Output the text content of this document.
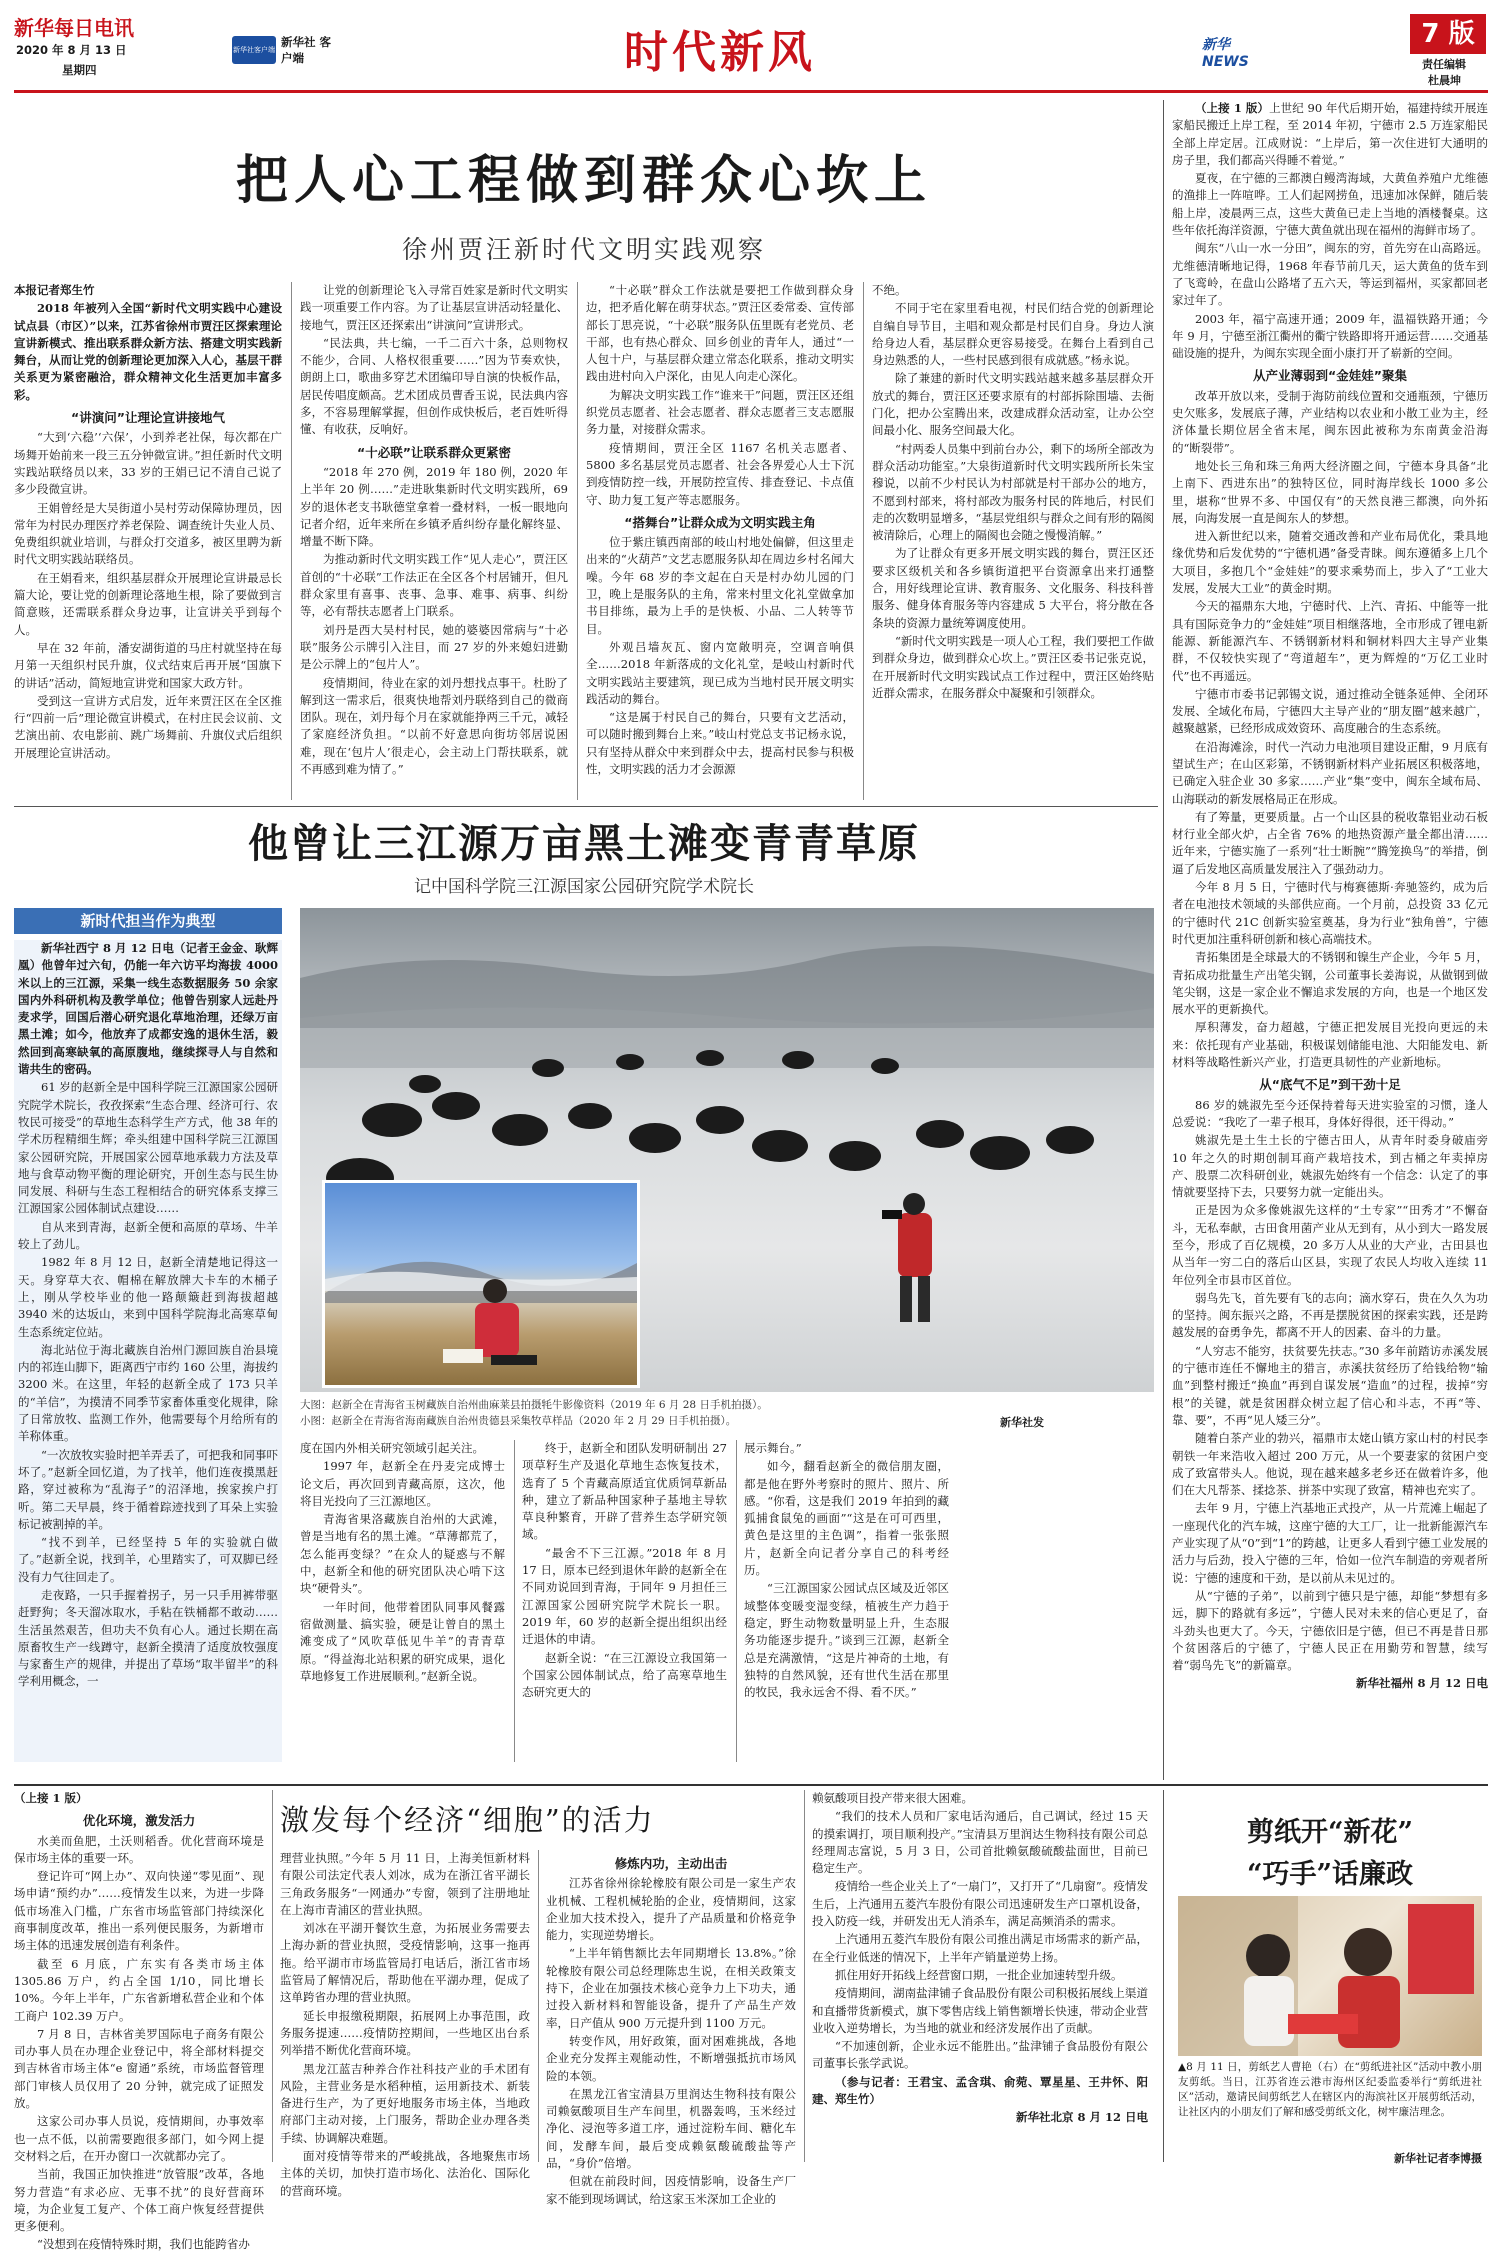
新华每日电讯
2020 年 8 月 13 日
星期四
新华社客户端
新华社 客户端	时代新风	新华 NEWS
7 版
责任编辑
杜晨坤
把人心工程做到群众心坎上
徐州贾汪新时代文明实践观察

本报记者郑生竹

2018 年被列入全国“新时代文明实践中心建设试点县（市区）”以来，江苏省徐州市贾汪区探索理论宣讲新模式、推出联系群众新方法、搭建文明实践新舞台，从而让党的创新理论更加深入人心，基层干群关系更为紧密融洽，群众精神文化生活更加丰富多彩。

“讲演问”让理论宣讲接地气

“大到‘六稳’‘六保’，小到养老社保，每次都在广场舞开始前来一段三五分钟微宣讲。”担任新时代文明实践站联络员以来，33 岁的王娟已记不清自己说了多少段微宣讲。

王娟曾经是大吴街道小吴村劳动保障协理员，因常年为村民办理医疗养老保险、调查统计失业人员、免费组织就业培训，与群众打交道多，被区里聘为新时代文明实践站联络员。

在王娟看来，组织基层群众开展理论宣讲最忌长篇大论，要让党的创新理论落地生根，除了要做到言简意赅，还需联系群众身边事，让宣讲关乎到每个人。

早在 32 年前，潘安湖街道的马庄村就坚持在每月第一天组织村民升旗，仪式结束后再开展“国旗下的讲话”活动，简短地宣讲党和国家大政方针。

受到这一宣讲方式启发，近年来贾汪区在全区推行“四前一后”理论微宣讲模式，在村庄民会议前、文艺演出前、农电影前、跳广场舞前、升旗仪式后组织开展理论宣讲活动。

让党的创新理论飞入寻常百姓家是新时代文明实践一项重要工作内容。为了让基层宣讲活动轻量化、接地气，贾汪区还探索出“讲演问”宣讲形式。

“民法典，共七编，一千二百六十条，总则物权不能少，合同、人格权很重要……”因为节奏欢快，朗朗上口，歌曲多穿艺术团编印导自演的快板作品，居民传唱度颇高。艺术团成员曹香玉说，民法典内容多，不容易理解掌握，但创作成快板后，老百姓听得懂、有收获，反响好。

“十必联”让联系群众更紧密

“2018 年 270 例，2019 年 180 例，2020 年上半年 20 例……”走进耿集新时代文明实践所，69 岁的退休老支书耿德堂拿着一叠材料，一板一眼地向记者介绍，近年来所在乡镇矛盾纠纷存量化解终显、增量不断下降。

为推动新时代文明实践工作“见人走心”，贾汪区首创的“十必联”工作法正在全区各个村居铺开，但凡群众家里有喜事、丧事、急事、难事、病事、纠纷等，必有帮扶志愿者上门联系。

刘丹是西大吴村村民，她的婆婆因常病与“十必联”服务公示牌引入注目，而 27 岁的外来媳妇进勤是公示牌上的“包片人”。

疫情期间，待业在家的刘丹想找点事干。杜盼了解到这一需求后，很爽快地帮刘丹联络到自己的微商团队。现在，刘丹每个月在家就能挣两三千元，减轻了家庭经济负担。“以前不好意思向街坊邻居说困难，现在‘包片人’很走心，会主动上门帮扶联系，就不再感到难为情了。”

“十必联”群众工作法就是要把工作做到群众身边，把矛盾化解在萌芽状态。”贾汪区委常委、宣传部部长丁思亮说，“十必联”服务队伍里既有老党员、老干部，也有热心群众、回乡创业的青年人，通过“一人包十户，与基层群众建立常态化联系，推动文明实践由进村向入户深化，由见人向走心深化。

为解决文明实践工作“谁来干”问题，贾汪区还组织党员志愿者、社会志愿者、群众志愿者三支志愿服务力量，对接群众需求。

疫情期间，贾汪全区 1167 名机关志愿者、5800 多名基层党员志愿者、社会各界爱心人士下沉到疫情防控一线，开展防控宣传、排查登记、卡点值守、助力复工复产等志愿服务。

“搭舞台”让群众成为文明实践主角

位于紫庄镇西南部的岐山村地处偏僻，但这里走出来的“火葫芦”文艺志愿服务队却在周边乡村名闻大噪。今年 68 岁的李文起在白天是村办幼儿园的门卫，晚上是服务队的主角，常来村里文化礼堂做拿加书目排练，最为上手的是快板、小品、二人转等节目。

外观吕墙灰瓦、窗内宽敞明亮，空调音响俱全……2018 年新落成的文化礼堂，是岐山村新时代文明实践站主要建筑，现已成为当地村民开展文明实践活动的舞台。

“这是属于村民自己的舞台，只要有文艺活动，可以随时搬到舞台上来。”岐山村党总支书记杨永说，只有坚持从群众中来到群众中去，提高村民参与积极性，文明实践的活力才会源源

不绝。

不同于宅在家里看电视，村民们结合党的创新理论自编自导节目，主唱和观众都是村民们自身。身边人演给身边人看，基层群众更容易接受。在舞台上看到自己身边熟悉的人，一些村民感到很有成就感。”杨永说。

除了兼建的新时代文明实践站越来越多基层群众开放式的舞台，贾汪区还要求原有的村部拆除围墙、去衙门化，把办公室腾出来，改建成群众活动室，让办公空间最小化、服务空间最大化。

“村两委人员集中到前台办公，剩下的场所全部改为群众活动功能室。”大泉街道新时代文明实践所所长朱宝穆说，以前不少村民认为村部就是村干部办公的地方，不愿到村部来，将村部改为服务村民的阵地后，村民们走的次数明显增多，“基层党组织与群众之间有形的隔阂被清除后，心理上的隔阂也会随之慢慢消解。”

为了让群众有更多开展文明实践的舞台，贾汪区还要求区级机关和各乡镇街道把平台资源拿出来打通整合，用好线理论宣讲、教育服务、文化服务、科技科普服务、健身体育服务等内容建成 5 大平台，将分散在各条块的资源力量统筹调度使用。

“新时代文明实践是一项人心工程，我们要把工作做到群众身边，做到群众心坎上。”贾汪区委书记张克说，在开展新时代文明实践试点工作过程中，贾汪区始终贴近群众需求，在服务群众中凝聚和引领群众。

他曾让三江源万亩黑土滩变青青草原
记中国科学院三江源国家公园研究院学术院长
新时代担当作为典型

新华社西宁 8 月 12 日电（记者王金金、耿辉凰）他曾年过六旬，仍能一年六访平均海拔 4000 米以上的三江源，采集一线生态数据服务 50 余家国内外科研机构及教学单位；他曾告别家人远赴丹麦求学，回国后潜心研究退化草地治理，还绿万亩黑土滩；如今，他放弃了成都安逸的退休生活，毅然回到高寒缺氧的高原腹地，继续探寻人与自然和谐共生的密码。

61 岁的赵新全是中国科学院三江源国家公园研究院学术院长，孜孜探索“生态合理、经济可行、农牧民可接受”的草地生态科学生产方式，他 38 年的学术历程精细生辉；牵头组建中国科学院三江源国家公园研究院，开展国家公园草地承载力方法及草地与食草动物平衡的理论研究，开创生态与民生协同发展、科研与生态工程相结合的研究体系支撑三江源国家公园体制试点建设……

自从来到青海，赵新全便和高原的草场、牛羊较上了劲儿。

1982 年 8 月 12 日，赵新全清楚地记得这一天。身穿草大衣、帽棉在解放牌大卡车的木桶子上，刚从学校毕业的他一路颠簸赶到海拔超越 3940 米的达坂山，来到中国科学院海北高寒草甸生态系统定位站。

海北站位于海北藏族自治州门源回族自治县境内的祁连山脚下，距离西宁市约 160 公里，海拔约 3200 米。在这里，年轻的赵新全成了 173 只羊的“羊信”，为摸清不同季节家畜体重变化规律，除了日常放牧、监测工作外，他需要每个月给所有的羊称体重。

“一次放牧实验时把羊弄丢了，可把我和同事吓坏了。”赵新全回忆道，为了找羊，他们连夜摸黑赶路，穿过被称为“乱海子”的沼泽地，挨家挨户打听。第二天早晨，终于循着踪迹找到了耳朵上实验标记被割掉的羊。

“找不到羊，已经坚持 5 年的实验就白做了。”赵新全说，找到羊，心里踏实了，可双脚已经没有力气往回走了。

走夜路，一只手握着拐子，另一只手用裤带驱赶野狗；冬天溜冰取水，手粘在铁桶都不敢动……生活虽然艰苦，但功夫不负有心人。通过长期在高原畜牧生产一线蹲守，赵新全摸清了适度放牧强度与家畜生产的规律，并提出了草场“取半留半”的科学利用概念，一

大图：赵新全在青海省玉树藏族自治州曲麻莱县拍摄牦牛影像资料（2019 年 6 月 28 日手机拍摄）。
小图：赵新全在青海省海南藏族自治州贵德县采集牧草样品（2020 年 2 月 29 日手机拍摄）。	新华社发

度在国内外相关研究领域引起关注。

1997 年，赵新全在丹麦完成博士论文后，再次回到青藏高原，这次，他将目光投向了三江源地区。

青海省果洛藏族自治州的大武滩，曾是当地有名的黑土滩。“草薄都荒了，怎么能再变绿？”在众人的疑惑与不解中，赵新全和他的研究团队决心啃下这块“硬骨头”。

一年时间，他带着团队同事风餐露宿做测量、搞实验，硬是让曾自的黑土滩变成了“风吹草低见牛羊”的青青草原。“得益海北站积累的研究成果，退化草地修复工作进展顺利。”赵新全说。

终于，赵新全和团队发明研制出 27 项草籽生产及退化草地生态恢复技术，选育了 5 个青藏高原适宜优质饲草新品种，建立了新品种国家种子基地主导软草良种繁育，开辟了营养生态学研究领域。

“最舍不下三江源。”2018 年 8 月 17 日，原本已经到退休年龄的赵新全在不同劝说回到青海，于同年 9 月担任三江源国家公园研究院学术院长一职。2019 年，60 岁的赵新全提出组织出经迁退休的申请。

赵新全说：“在三江源设立我国第一个国家公园体制试点，给了高寒草地生态研究更大的

展示舞台。”

如今，翻看赵新全的微信朋友圈，都是他在野外考察时的照片、照片、所感。“你看，这是我们 2019 年拍到的藏狐捕食鼠兔的画面”“这是在可可西里，黄色是这里的主色调”，指着一张张照片，赵新全向记者分享自己的科考经历。

“三江源国家公园试点区域及近邻区域整体变暖变湿变绿，植被生产力趋于稳定，野生动物数量明显上升，生态服务功能逐步提升。”谈到三江源，赵新全总是充满激情，“这是片神奇的土地，有独特的自然风貌，还有世代生活在那里的牧民，我永远舍不得、看不厌。”

（上接 1 版）上世纪 90 年代后期开始，福建持续开展连家船民搬迁上岸工程，至 2014 年初，宁德市 2.5 万连家船民全部上岸定居。江成财说：“上岸后，第一次住进钉大通明的房子里，我们都高兴得睡不着觉。”

夏夜，在宁德的三都澳白鳗湾海域，大黄鱼养殖户尤维德的渔排上一阵喧哗。工人们起网捞鱼，迅速加冰保鲜，随后装船上岸，凌晨两三点，这些大黄鱼已走上当地的酒楼餐桌。这些年依托海洋资源，宁德大黄鱼就出现在福州的海鲜市场了。

闽东“八山一水一分田”，闽东的穷，首先穷在山高路远。尤维德清晰地记得，1968 年春节前几天，运大黄鱼的货车到了飞鸾岭，在盘山公路堵了五六天，等运到福州，买家都回老家过年了。

2003 年，福宁高速开通；2009 年，温福铁路开通；今年 9 月，宁德至浙江衢州的衢宁铁路即将开通运营……交通基础设施的提升，为闽东实现全面小康打开了崭新的空间。

从产业薄弱到“金娃娃”聚集

改革开放以来，受制于海防前线位置和交通瓶颈，宁德历史欠账多，发展底子薄，产业结构以农业和小散工业为主，经济体量长期位居全省末尾，闽东因此被称为东南黄金沿海的“断裂带”。

地处长三角和珠三角两大经济圈之间，宁德本身具备“北上南下、西进东出”的独特区位，同时海岸线长 1000 多公里，堪称“世界不多、中国仅有”的天然良港三都澳，向外拓展，向海发展一直是闽东人的梦想。

进入新世纪以来，随着交通改善和产业布局优化，秉具地缘优势和后发优势的“宁德机遇”备受青睐。闽东遵循多上几个大项目，多抱几个“金娃娃”的要求乘势而上，步入了“工业大发展，发展大工业”的黄金时期。

今天的福鼎东大地，宁德时代、上汽、青拓、中能等一批具有国际竞争力的“金娃娃”项目相继落地，全市形成了锂电新能源、新能源汽车、不锈钢新材料和铜材料四大主导产业集群，不仅较快实现了“弯道超车”，更为辉煌的“万亿工业时代”也不再遥远。

宁德市市委书记郭锡文说，通过推动全链条延伸、全闭环发展、全域化布局，宁德四大主导产业的“朋友圈”越来越广，越聚越紧，已经形成成效资环、高度融合的生态系统。

在沿海滩涂，时代一汽动力电池项目建设正酣，9 月底有望试生产；在山区彩第，不锈钢新材料产业拓展区积极落地，已确定入驻企业 30 多家……产业“集”变中，闽东全域布局、山海联动的新发展格局正在形成。

有了筹量，更要质量。占一个山区县的税收靠铝业动石板材行业全部火炉，占全省 76% 的地热资源产量全都出清……近年来，宁德实施了一系列“壮士断腕”“腾笼换鸟”的举措，倒逼了后发地区高质量发展注入了强劲动力。

今年 8 月 5 日，宁德时代与梅赛德斯·奔驰签约，成为后者在电池技术领域的头部供应商。一个月前，总投资 33 亿元的宁德时代 21C 创新实验室奠基，身为行业“独角兽”，宁德时代更加注重科研创新和核心高端技术。

青拓集团是全球最大的不锈钢和镍生产企业，今年 5 月，青拓成功批量生产出笔尖钢，公司董事长姜海说，从做钢到做笔尖钢，这是一家企业不懈追求发展的方向，也是一个地区发展水平的更新换代。

厚积薄发，奋力超越，宁德正把发展目光投向更远的未来：依托现有产业基础，积极谋划储能电池、大阳能发电、新材料等战略性新兴产业，打造更具韧性的产业新地标。

从“底气不足”到干劲十足

86 岁的姚淑先至今还保持着每天进实验室的习惯，逢人总爱说：“我吃了一辈子根耳，身体好得很，还干得动。”

姚淑先是土生土长的宁德古田人，从青年时委身破庙旁 10 年之久的时期创制耳商产栽培技术，到古桶之年卖掉房产、股票二次科研创业，姚淑先始终有一个信念：认定了的事情就要坚持下去，只要努力就一定能出头。

正是因为众多像姚淑先这样的“土专家”“田秀才”不懈奋斗，无私奉献，古田食用菌产业从无到有，从小到大一路发展至今，形成了百亿规模，20 多万人从业的大产业，古田县也从当年一穷二白的落后山区县，实现了农民人均收入连续 11 年位列全市县市区首位。

弱鸟先飞，首先要有飞的志向；滴水穿石，贵在久久为功的坚持。闽东振兴之路，不再是摆脱贫困的探索实践，还是跨越发展的奋勇争先，都离不开人的因素、奋斗的力量。

“人穷志不能穷，扶贫要先扶志。”30 多年前踏访赤溪发展的宁德市连任不懈地主的猎言，赤溪扶贫经历了给钱给物“输血”到整村搬迁“换血”再到自谋发展“造血”的过程，拔掉“穷根”的关键，就是贫困群众树立起了信心和斗志，不再“等、靠、要”，不再“见人矮三分”。

随着白茶产业的勃兴，福鼎市太姥山镇方家山村的村民李朝铁一年来浩收入超过 200 万元，从一个要妻家的贫困户变成了致富带头人。他说，现在越来越多老乡还在做着许多，他们在大凡帮茶、揉捻茶、拼茶中实现了致富，精神也充实了。

去年 9 月，宁德上汽基地正式投产，从一片荒滩上崛起了一座现代化的汽车城，这座宁德的大工厂，让一批新能源汽车产业实现了从“0”到“1”的跨越，让更多人看到宁德工业发展的活力与后劲，投入宁德的三年，恰如一位汽车制造的旁观者所说：宁德的速度和干劲，是以前从未见过的。

从“宁德的子弟”，以前到宁德只是宁德，却能“梦想有多远，脚下的路就有多远”，宁德人民对未来的信心更足了，奋斗劲头也更大了。今天，宁德依旧是宁德，但已不再是昔日那个贫困落后的宁德了，宁德人民正在用勤劳和智慧，续写着“弱鸟先飞”的新篇章。

新华社福州 8 月 12 日电

激发每个经济“细胞”的活力

（上接 1 版）

优化环境，激发活力

水美而鱼肥，土沃则稻香。优化营商环境是保市场主体的重要一环。

登记许可“网上办”、双向快递“零见面”、现场申请“预约办”……疫情发生以来，为进一步降低市场准入门槛，广东省市场监管部门持续深化商事制度改革，推出一系列便民服务，为新增市场主体的迅速发展创造有利条件。

截至 6 月底，广东实有各类市场主体 1305.86 万户，约占全国 1/10，同比增长 10%。今年上半年，广东省新增私营企业和个体工商户 102.39 万户。

7 月 8 日，吉林省美罗国际电子商务有限公司办事人员在办理企业登记中，将全部材料提交到吉林省市场主体“e 窗通”系统，市场监督管理部门审核人员仅用了 20 分钟，就完成了证照发放。

这家公司办事人员说，疫情期间，办事效率也一点不低，以前需要跑很多部门，如今网上提交材料之后，在开办窗口一次就都办完了。

当前，我国正加快推进“放管服”改革，各地努力营造“有求必应、无事不扰”的良好营商环境，为企业复工复产、个体工商户恢复经营提供更多便利。

“没想到在疫情特殊时期，我们也能跨省办

理营业执照。”今年 5 月 11 日，上海美恒新材料有限公司法定代表人刘冰，成为在浙江省平湖长三角政务服务“一网通办”专窗，领到了注册地址在上海市青浦区的营业执照。

刘冰在平湖开餐饮生意，为拓展业务需要去上海办新的营业执照，受疫情影响，这事一拖再拖。给平湖市市场监管局打电话后，浙江省市场监管局了解情况后，帮助他在平湖办理，促成了这单跨省办理的营业执照。

延长申报缴税期限，拓展网上办事范围，政务服务提速……疫情防控期间，一些地区出台系列举措不断优化营商环境。

黑龙江蓝吉种养合作社科技产业的手术团有风险，主营业务是水稻种植，运用新技术、新装备进行生产，为了更好地服务市场主体，当地政府部门主动对接，上门服务，帮助企业办理各类手续、协调解决难题。

面对疫情等带来的严峻挑战，各地聚焦市场主体的关切，加快打造市场化、法治化、国际化的营商环境。

修炼内功，主动出击

江苏省徐州徐轮橡胶有限公司是一家生产农业机械、工程机械轮胎的企业，疫情期间，这家企业加大技术投入，提升了产品质量和价格竞争能力，实现逆势增长。

“上半年销售额比去年同期增长 13.8%。”徐轮橡胶有限公司总经理陈忠生说，在相关政策支持下，企业在加强技术核心竞争力上下功夫，通过投入新材料和智能设备，提升了产品生产效率，日产值从 900 万元提升到 1100 万元。

转变作风，用好政策，面对困难挑战，各地企业充分发挥主观能动性，不断增强抵抗市场风险的本领。

在黑龙江省宝清县万里润达生物科技有限公司赖氨酸项目生产车间里，机器轰鸣，玉米经过净化、浸泡等多道工序，通过淀粉车间、糖化车间，发酵车间，最后变成赖氨酸硫酸盐等产品，“身价”倍增。

但就在前段时间，因疫情影响，设备生产厂家不能到现场调试，给这家玉米深加工企业的

赖氨酸项目投产带来很大困难。

“我们的技术人员和厂家电话沟通后，自己调试，经过 15 天的摸索调打，项目顺利投产。”宝清县万里润达生物科技有限公司总经理周志富说，5 月 3 日，公司首批赖氨酸硫酸盐面世，目前已稳定生产。

疫情给一些企业关上了“一扇门”，又打开了“几扇窗”。疫情发生后，上汽通用五菱汽车股份有限公司迅速研发生产口罩机设备，投入防疫一线，并研发出无人消杀车，满足高频消杀的需求。

上汽通用五菱汽车股份有限公司推出满足市场需求的新产品，在全行业低迷的情况下，上半年产销量逆势上扬。

抓住用好开拓线上经营窗口期，一批企业加速转型升级。

疫情期间，湖南盐津铺子食品股份有限公司积极拓展线上渠道和直播带货新模式，旗下零售店线上销售额增长快速，带动企业营业收入逆势增长，为当地的就业和经济发展作出了贡献。

“不加速创新，企业永远不能胜出。”盐津铺子食品股份有限公司董事长张学武说。

（参与记者：王君宝、孟含琪、俞菀、覃星星、王井怀、阳建、郑生竹）

新华社北京 8 月 12 日电

剪纸开“新花”
“巧手”话廉政

▲8 月 11 日，剪纸艺人曹艳（右）在“剪纸进社区”活动中教小朋友剪纸。当日，江苏省连云港市海州区纪委监委举行“剪纸进社区”活动，邀请民间剪纸艺人在辖区内的海滨社区开展剪纸活动，让社区内的小朋友们了解和感受剪纸文化，树牢廉洁理念。

新华社记者李博摄
